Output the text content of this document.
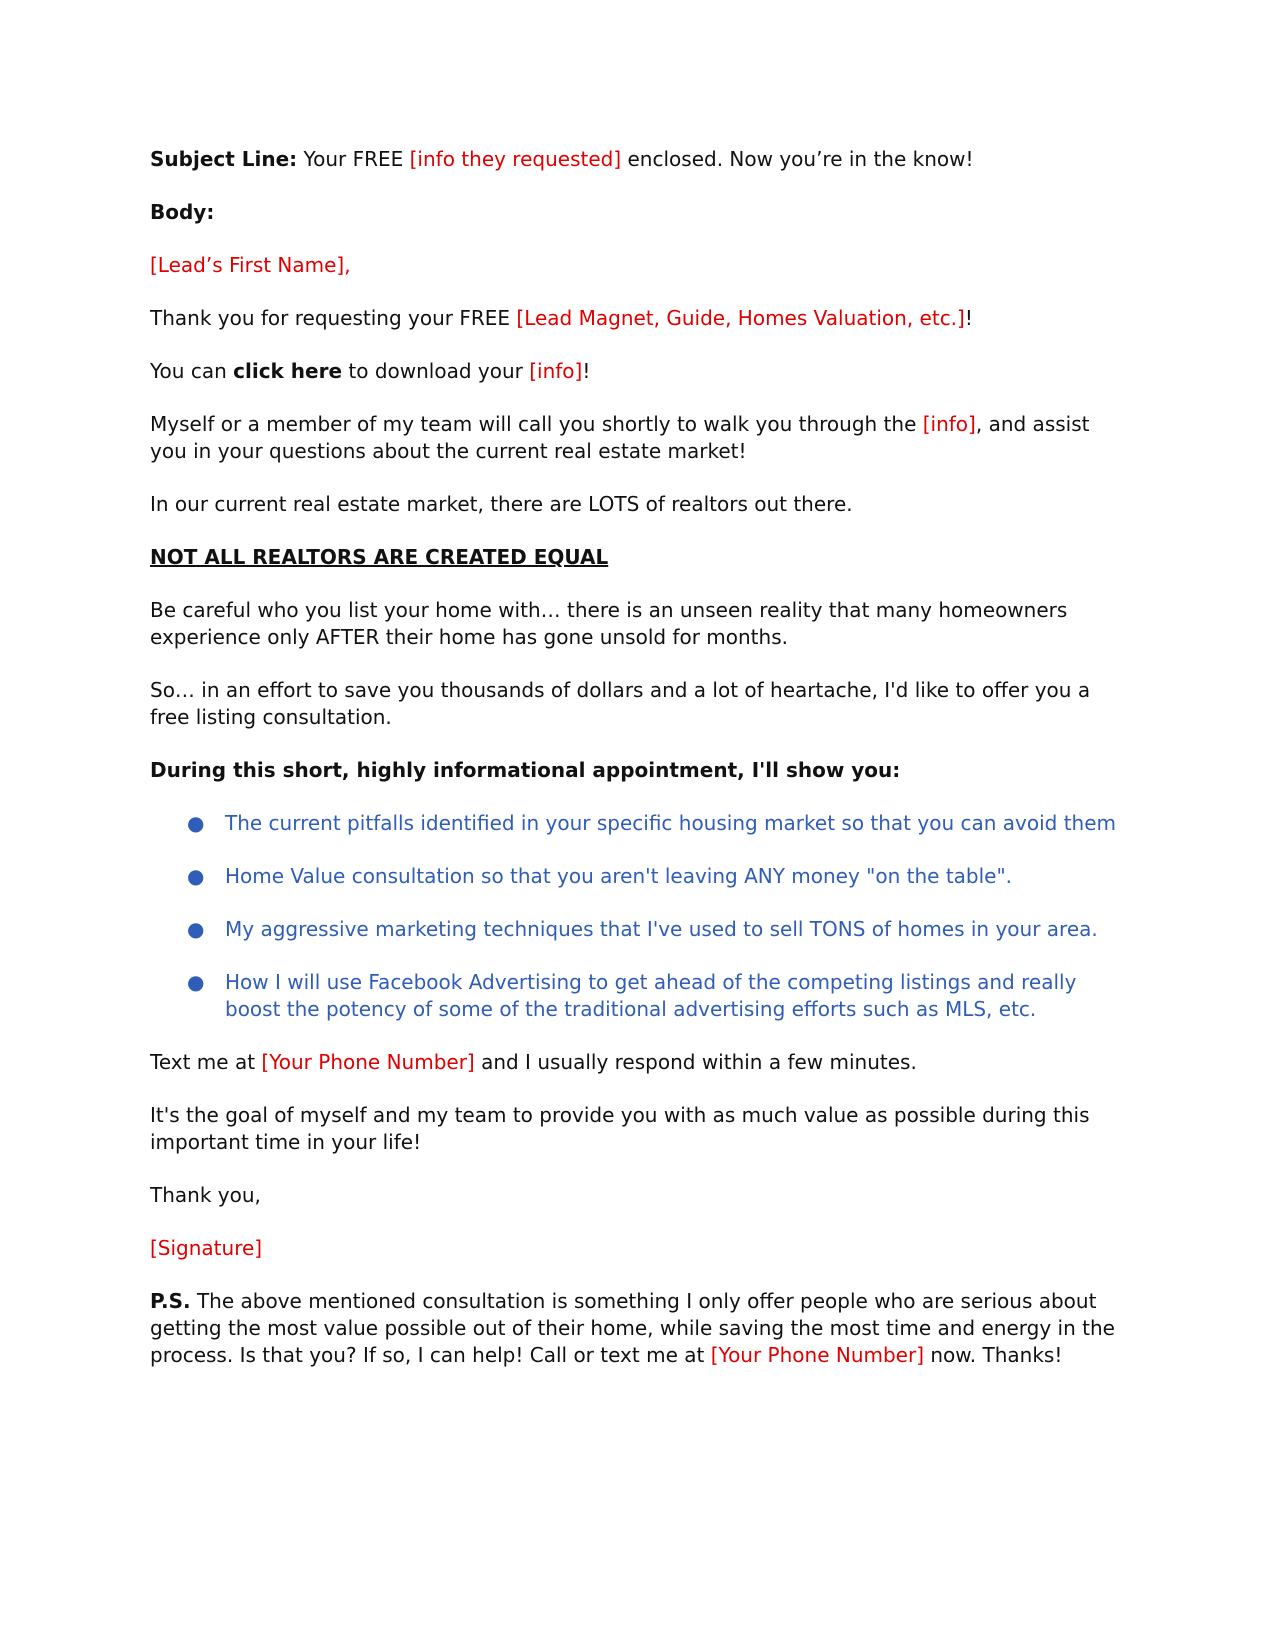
Subject Line: Your FREE [info they requested] enclosed. Now you’re in the know!

Body:

[Lead’s First Name],

Thank you for requesting your FREE [Lead Magnet, Guide, Homes Valuation, etc.]!

You can click here to download your [info]!

Myself or a member of my team will call you shortly to walk you through the [info], and assist you in your questions about the current real estate market!

In our current real estate market, there are LOTS of realtors out there.

NOT ALL REALTORS ARE CREATED EQUAL

Be careful who you list your home with… there is an unseen reality that many homeowners experience only AFTER their home has gone unsold for months.

So… in an effort to save you thousands of dollars and a lot of heartache, I'd like to offer you a free listing consultation.

During this short, highly informational appointment, I'll show you:

● The current pitfalls identified in your specific housing market so that you can avoid them
● Home Value consultation so that you aren't leaving ANY money "on the table".
● My aggressive marketing techniques that I've used to sell TONS of homes in your area.
● How I will use Facebook Advertising to get ahead of the competing listings and really boost the potency of some of the traditional advertising efforts such as MLS, etc.

Text me at [Your Phone Number] and I usually respond within a few minutes.

It's the goal of myself and my team to provide you with as much value as possible during this important time in your life!

Thank you,

[Signature]

P.S. The above mentioned consultation is something I only offer people who are serious about getting the most value possible out of their home, while saving the most time and energy in the process. Is that you? If so, I can help! Call or text me at [Your Phone Number] now. Thanks!
